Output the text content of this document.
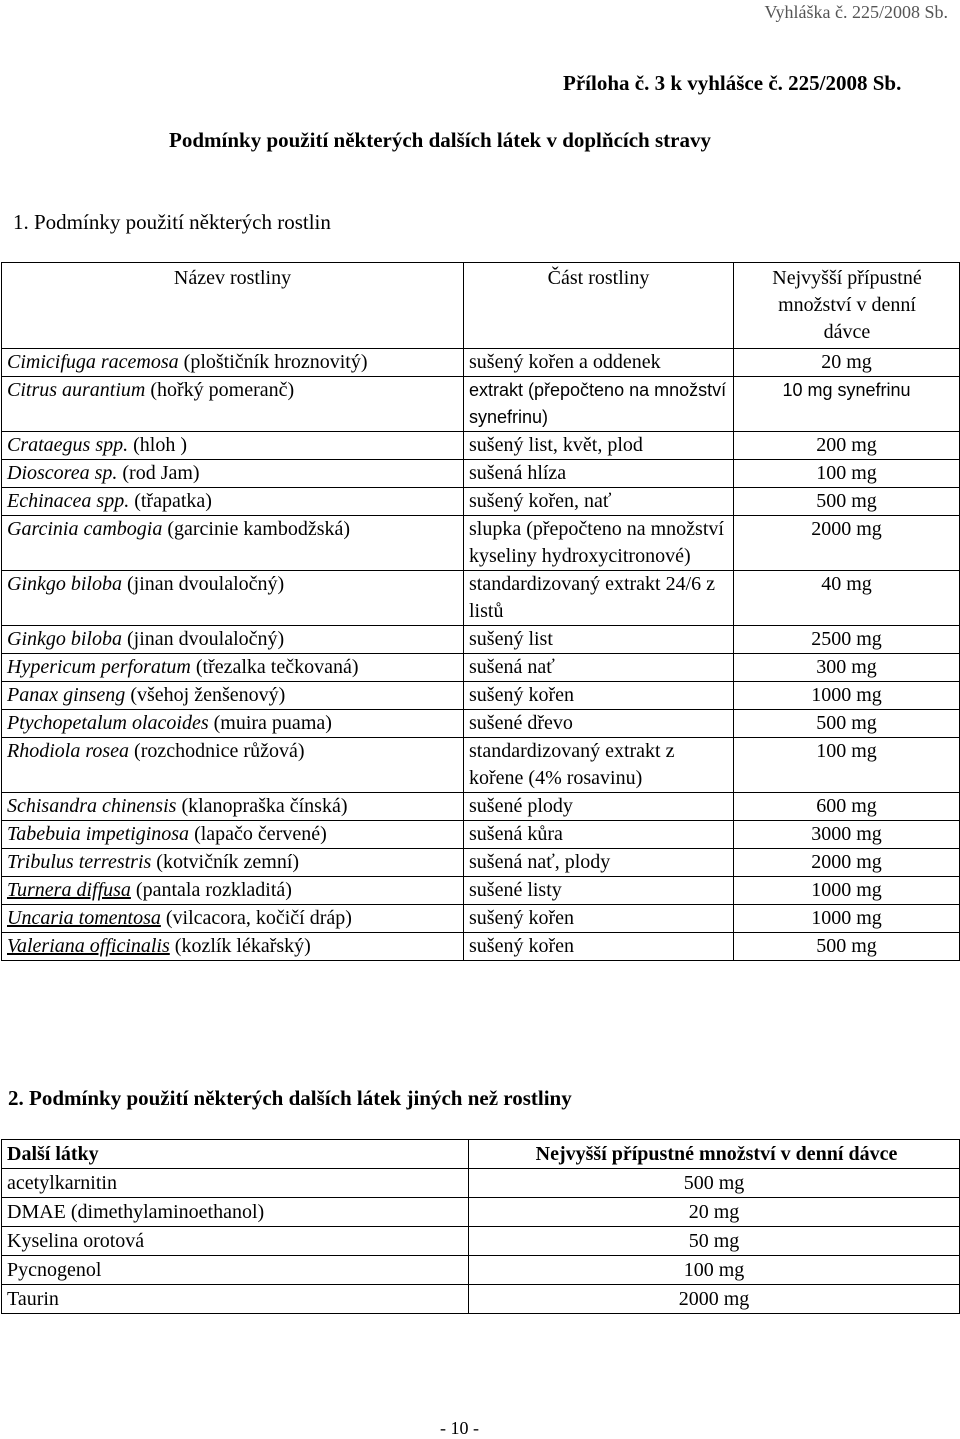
Vyhláška č. 225/2008 Sb.
Příloha č. 3 k vyhlášce č. 225/2008 Sb.
Podmínky použití některých dalších látek v doplňcích stravy
1. Podmínky použití některých rostlin
Název rostliny	Část rostliny	Nejvyšší přípustné množství v denní dávce
Cimicifuga racemosa (ploštičník hroznovitý)	sušený kořen a oddenek	20 mg
Citrus aurantium (hořký pomeranč)	extrakt (přepočteno na množství synefrinu)	10 mg synefrinu
Crataegus spp. (hloh )	sušený list, květ, plod	200 mg
Dioscorea sp. (rod Jam)	sušená hlíza	100 mg
Echinacea spp. (třapatka)	sušený kořen, nať	500 mg
Garcinia cambogia (garcinie kambodžská)	slupka (přepočteno na množství kyseliny hydroxycitronové)	2000 mg
Ginkgo biloba (jinan dvoulaločný)	standardizovaný extrakt 24/6 z listů	40 mg
Ginkgo biloba (jinan dvoulaločný)	sušený list	2500 mg
Hypericum perforatum (třezalka tečkovaná)	sušená nať	300 mg
Panax ginseng (všehoj ženšenový)	sušený kořen	1000 mg
Ptychopetalum olacoides (muira puama)	sušené dřevo	500 mg
Rhodiola rosea (rozchodnice růžová)	standardizovaný extrakt z kořene (4% rosavinu)	100 mg
Schisandra chinensis (klanopraška čínská)	sušené plody	600 mg
Tabebuia impetiginosa (lapačo červené)	sušená kůra	3000 mg
Tribulus terrestris (kotvičník zemní)	sušená nať, plody	2000 mg
Turnera diffusa (pantala rozkladitá)	sušené listy	1000 mg
Uncaria tomentosa (vilcacora, kočičí dráp)	sušený kořen	1000 mg
Valeriana officinalis (kozlík lékařský)	sušený kořen	500 mg
2. Podmínky použití některých dalších látek jiných než rostliny
Další látky	Nejvyšší přípustné množství v denní dávce
acetylkarnitin	500 mg
DMAE (dimethylaminoethanol)	20 mg
Kyselina orotová	50 mg
Pycnogenol	100 mg
Taurin	2000 mg
- 10 -
